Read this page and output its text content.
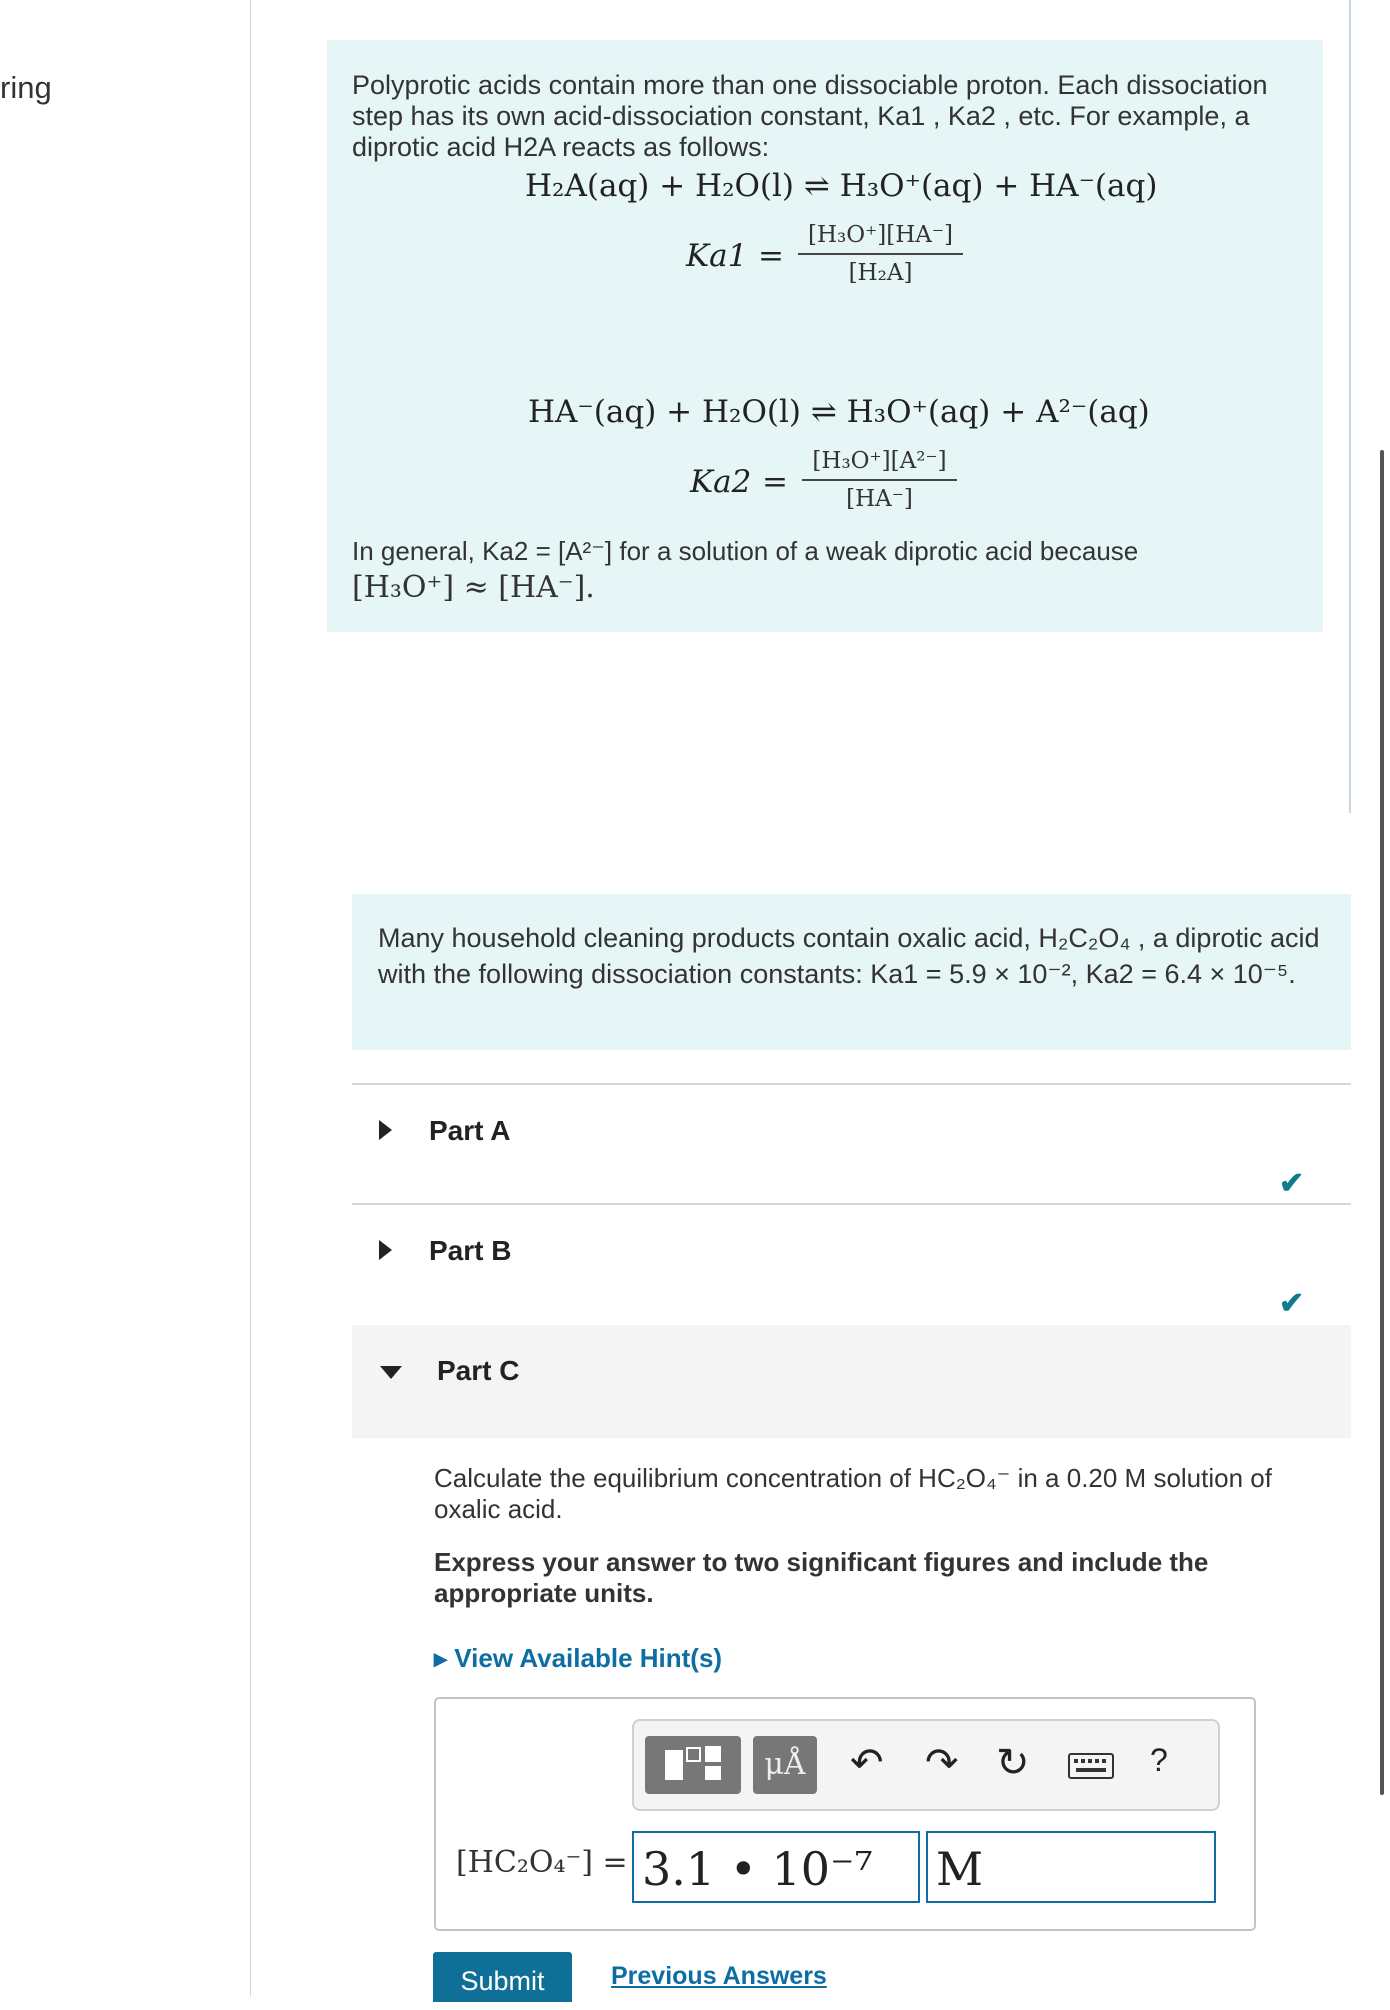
ring	Polyprotic acids contain more than one dissociable proton. Each dissociation step has its own acid-dissociation constant, Ka1 , Ka2 , etc. For example, a diprotic acid H2A reacts as follows:
H₂A(aq) + H₂O(l) ⇌ H₃O⁺(aq) + HA⁻(aq)
Ka1 =
[H₃O⁺][HA⁻]
[H₂A]
HA⁻(aq) + H₂O(l) ⇌ H₃O⁺(aq) + A²⁻(aq)
Ka2 =
[H₃O⁺][A²⁻]
[HA⁻]
In general, Ka2 = [A²⁻] for a solution of a weak diprotic acid because
[H₃O⁺] ≈ [HA⁻].
Many household cleaning products contain oxalic acid, H₂C₂O₄ , a diprotic acid with the following dissociation constants: Ka1 = 5.9 × 10⁻², Ka2 = 6.4 × 10⁻⁵.
Part A
✔
Part B
✔
Part C
Calculate the equilibrium concentration of HC₂O₄⁻ in a 0.20 M solution of oxalic acid.
Express your answer to two significant figures and include the appropriate units.
▸ View Available Hint(s)
μÅ ↶ ↷ ↻	?
[HC₂O₄⁻] = 3.1 • 10⁻⁷	M
Submit	Previous Answers
